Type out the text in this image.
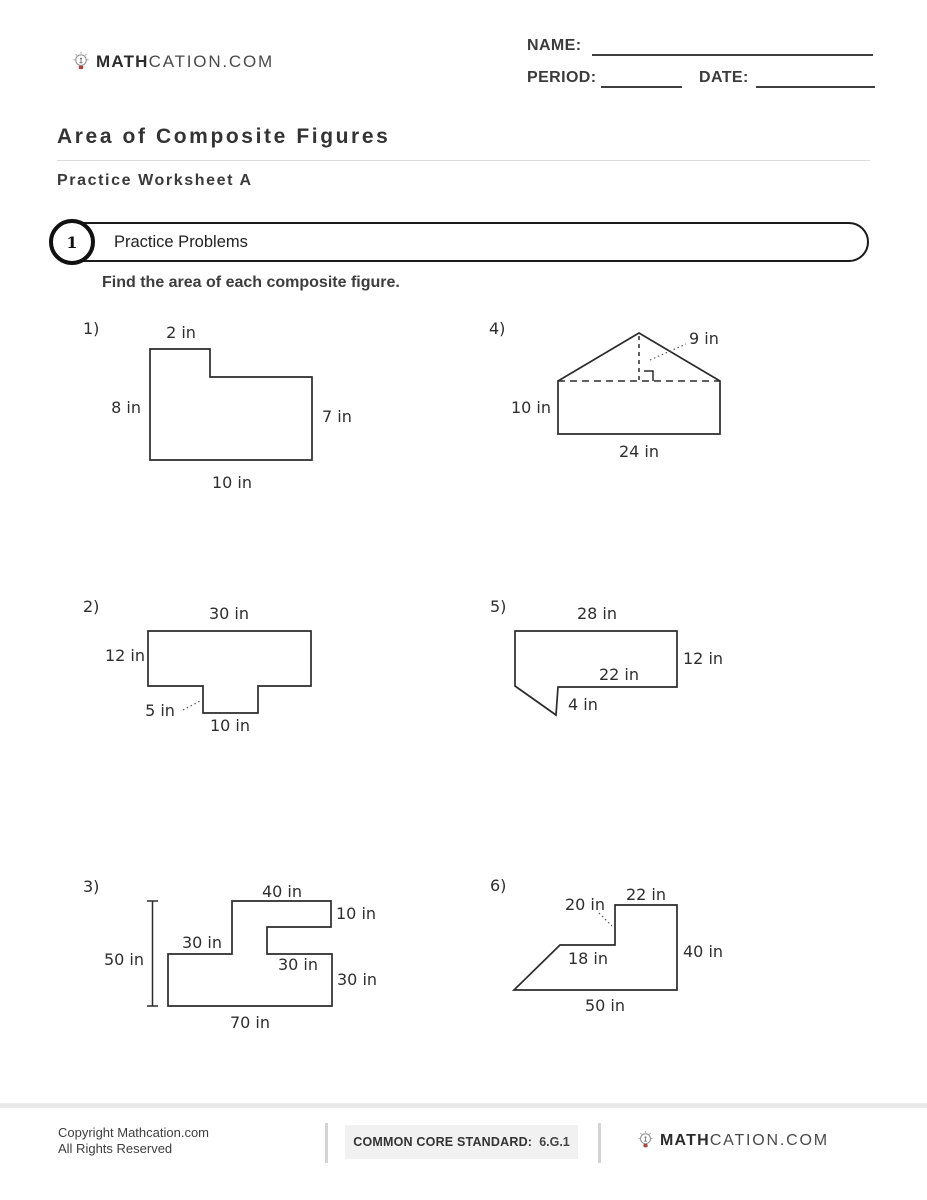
MATHCATION.COM
NAME:
PERIOD:	DATE:
Area of Composite Figures
Practice Worksheet A
Practice Problems
1
Find the area of each composite figure.
1)	2 in
8 in	7 in
10 in
4)
9 in
10 in
24 in
2)	30 in
12 in
5 in
10 in
5)	28 in
12 in
22 in
4 in
3)	40 in
10 in
30 in
30 in
30 in
70 in
50 in
6)	22 in
20 in
40 in
18 in
50 in
Copyright Mathcation.com
All Rights Reserved	COMMON CORE STANDARD: 6.G.1	MATHCATION.COM
